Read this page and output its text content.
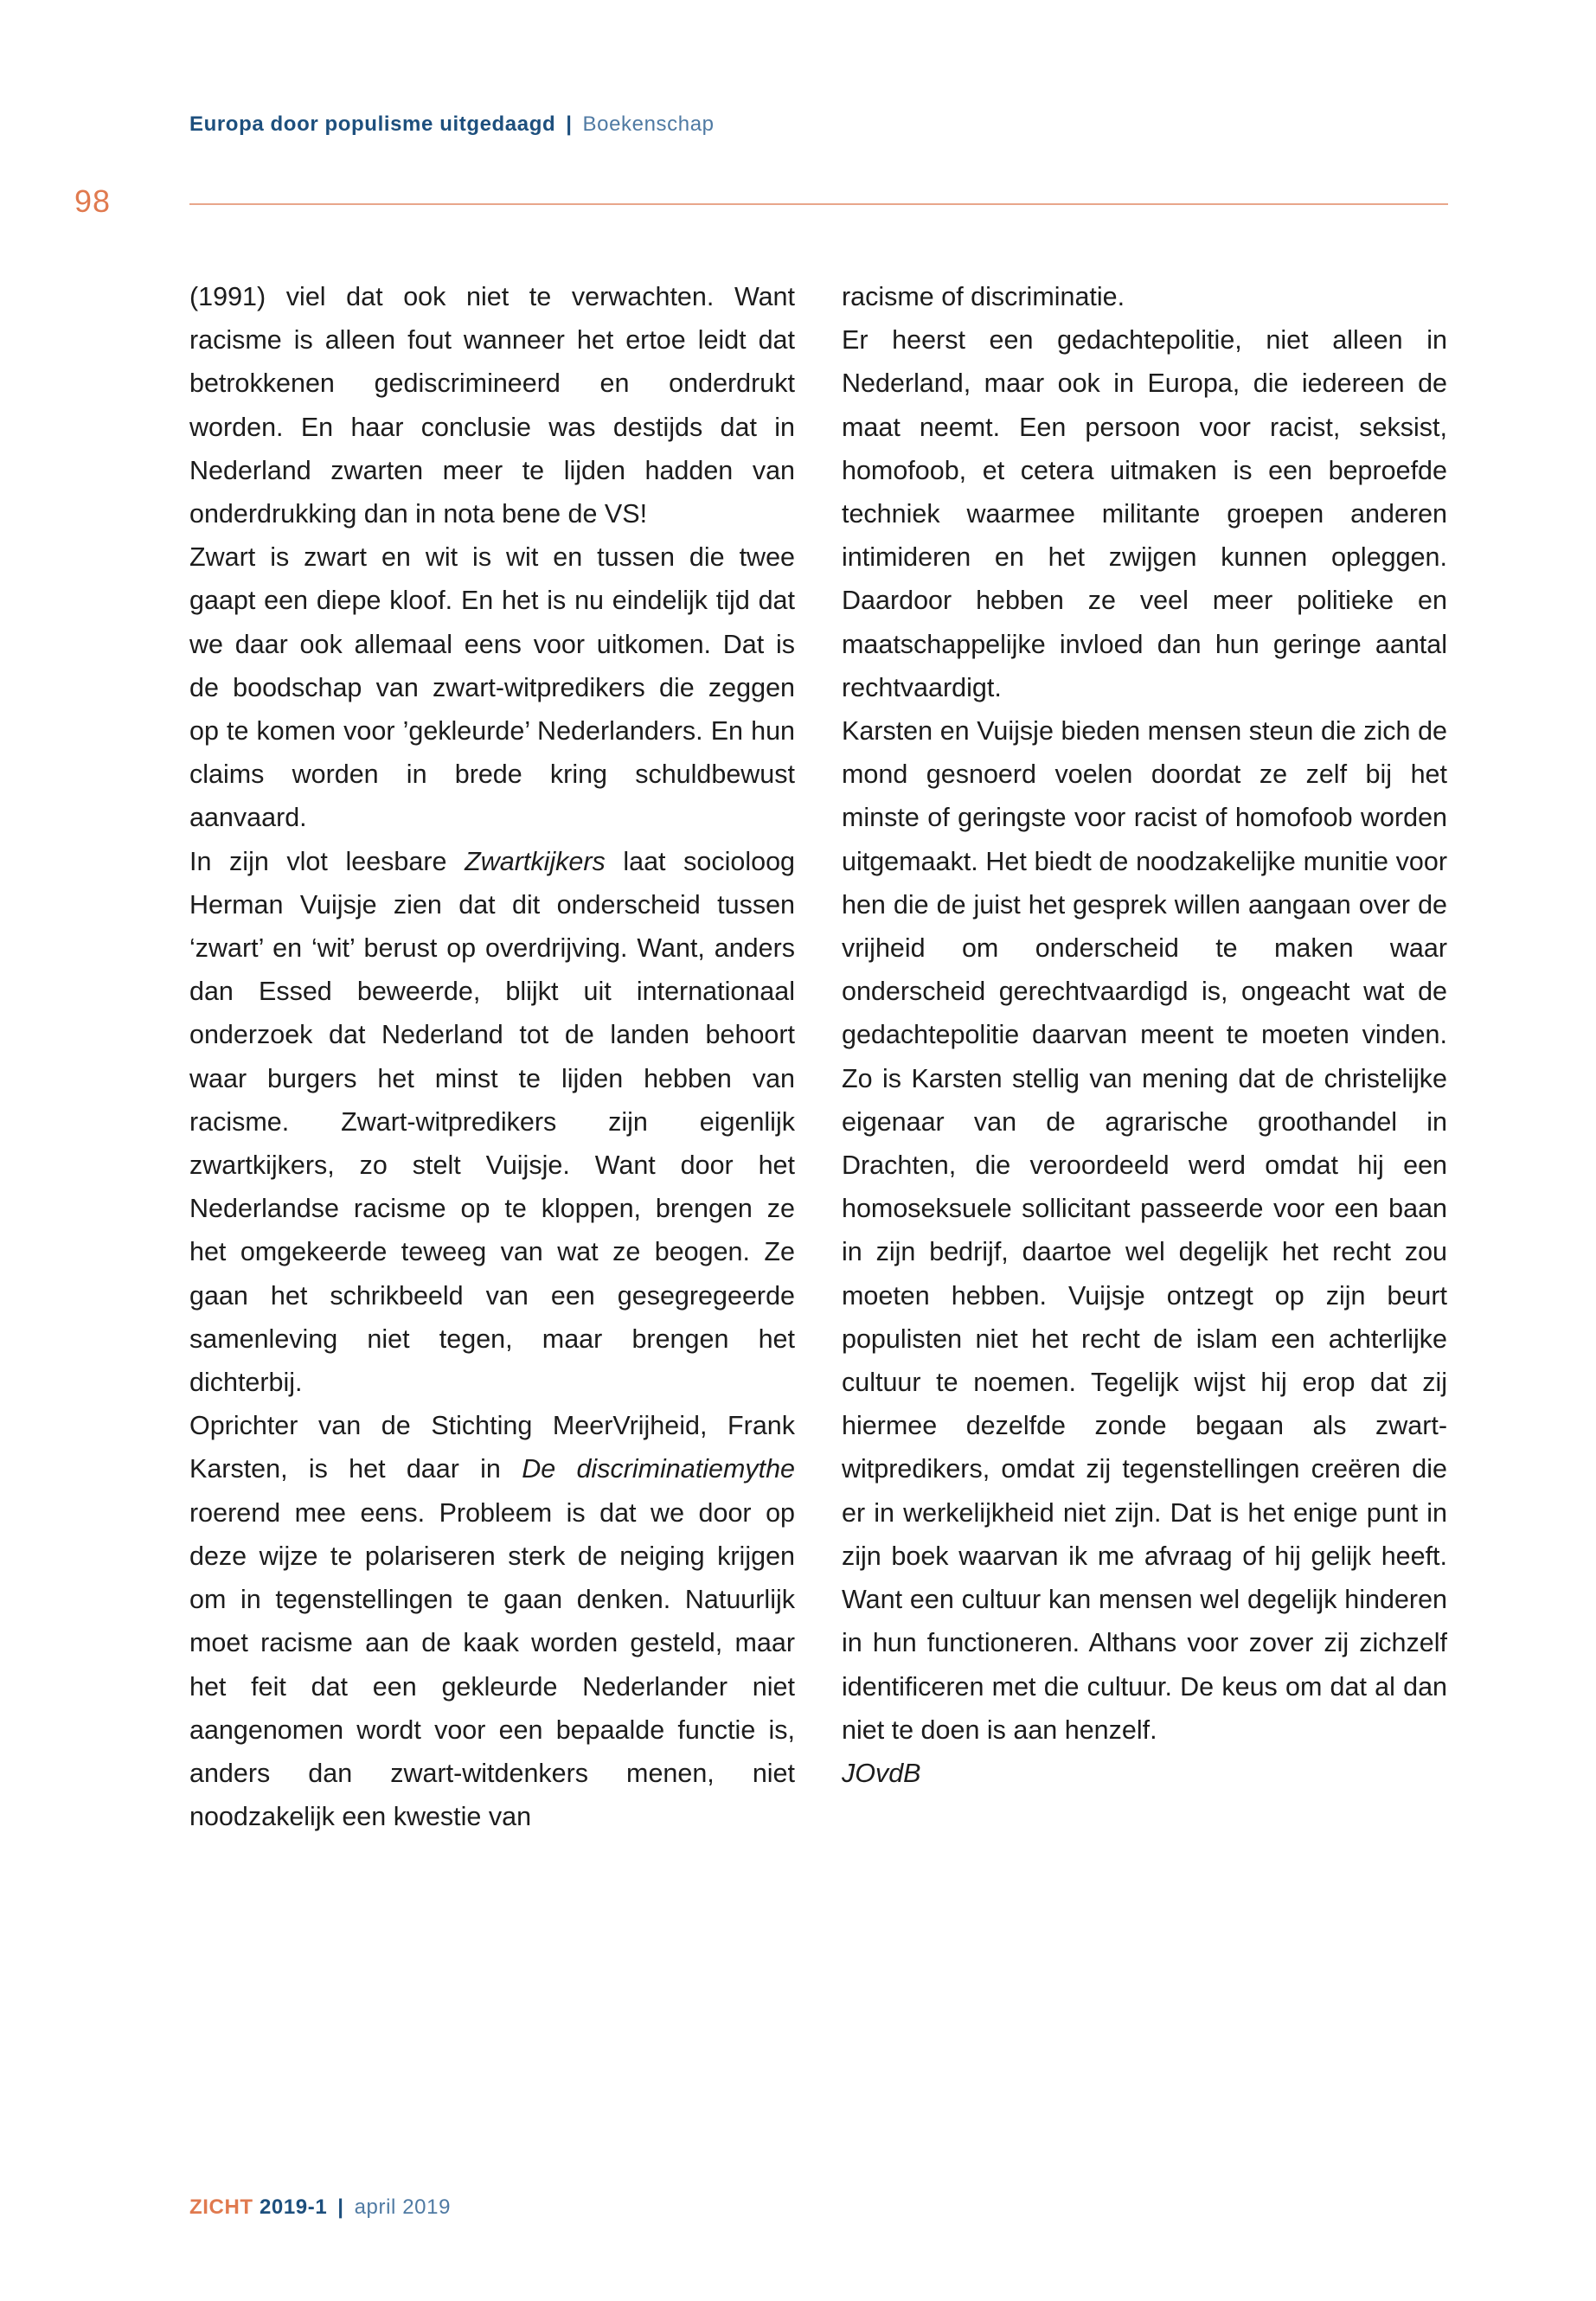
Europa door populisme uitgedaagd | Boekenschap
98

(1991) viel dat ook niet te verwachten. Want racisme is alleen fout wanneer het ertoe leidt dat betrokkenen gediscrimineerd en onderdrukt worden. En haar conclusie was destijds dat in Nederland zwarten meer te lijden hadden van onderdrukking dan in nota bene de VS!

Zwart is zwart en wit is wit en tussen die twee gaapt een diepe kloof. En het is nu eindelijk tijd dat we daar ook allemaal eens voor uitkomen. Dat is de boodschap van zwart-witpredikers die zeggen op te komen voor ’gekleurde’ Nederlanders. En hun claims worden in brede kring schuldbewust aanvaard.

In zijn vlot leesbare Zwartkijkers laat socioloog Herman Vuijsje zien dat dit onderscheid tussen ‘zwart’ en ‘wit’ berust op overdrijving. Want, anders dan Essed beweerde, blijkt uit internationaal onderzoek dat Nederland tot de landen behoort waar burgers het minst te lijden hebben van racisme. Zwart-witpredikers zijn eigenlijk zwartkijkers, zo stelt Vuijsje. Want door het Nederlandse racisme op te kloppen, brengen ze het omgekeerde teweeg van wat ze beogen. Ze gaan het schrikbeeld van een gesegregeerde samenleving niet tegen, maar brengen het dichterbij.

Oprichter van de Stichting MeerVrijheid, Frank Karsten, is het daar in De discriminatiemythe roerend mee eens. Probleem is dat we door op deze wijze te polariseren sterk de neiging krijgen om in tegenstellingen te gaan denken. Natuurlijk moet racisme aan de kaak worden gesteld, maar het feit dat een gekleurde Nederlander niet aangenomen wordt voor een bepaalde functie is, anders dan zwart-witdenkers menen, niet noodzakelijk een kwestie van

racisme of discriminatie.

Er heerst een gedachtepolitie, niet alleen in Nederland, maar ook in Europa, die iedereen de maat neemt. Een persoon voor racist, seksist, homofoob, et cetera uitmaken is een beproefde techniek waarmee militante groepen anderen intimideren en het zwijgen kunnen opleggen. Daardoor hebben ze veel meer politieke en maatschappelijke invloed dan hun geringe aantal rechtvaardigt.

Karsten en Vuijsje bieden mensen steun die zich de mond gesnoerd voelen doordat ze zelf bij het minste of geringste voor racist of homofoob worden uitgemaakt. Het biedt de noodzakelijke munitie voor hen die de juist het gesprek willen aangaan over de vrijheid om onderscheid te maken waar onderscheid gerechtvaardigd is, ongeacht wat de gedachtepolitie daarvan meent te moeten vinden. Zo is Karsten stellig van mening dat de christelijke eigenaar van de agrarische groothandel in Drachten, die veroordeeld werd omdat hij een homoseksuele sollicitant passeerde voor een baan in zijn bedrijf, daartoe wel degelijk het recht zou moeten hebben. Vuijsje ontzegt op zijn beurt populisten niet het recht de islam een achterlijke cultuur te noemen. Tegelijk wijst hij erop dat zij hiermee dezelfde zonde begaan als zwart-witpredikers, omdat zij tegenstellingen creëren die er in werkelijkheid niet zijn. Dat is het enige punt in zijn boek waarvan ik me afvraag of hij gelijk heeft. Want een cultuur kan mensen wel degelijk hinderen in hun functioneren. Althans voor zover zij zichzelf identificeren met die cultuur. De keus om dat al dan niet te doen is aan henzelf.

JOvdB

ZICHT 2019-1 | april 2019
